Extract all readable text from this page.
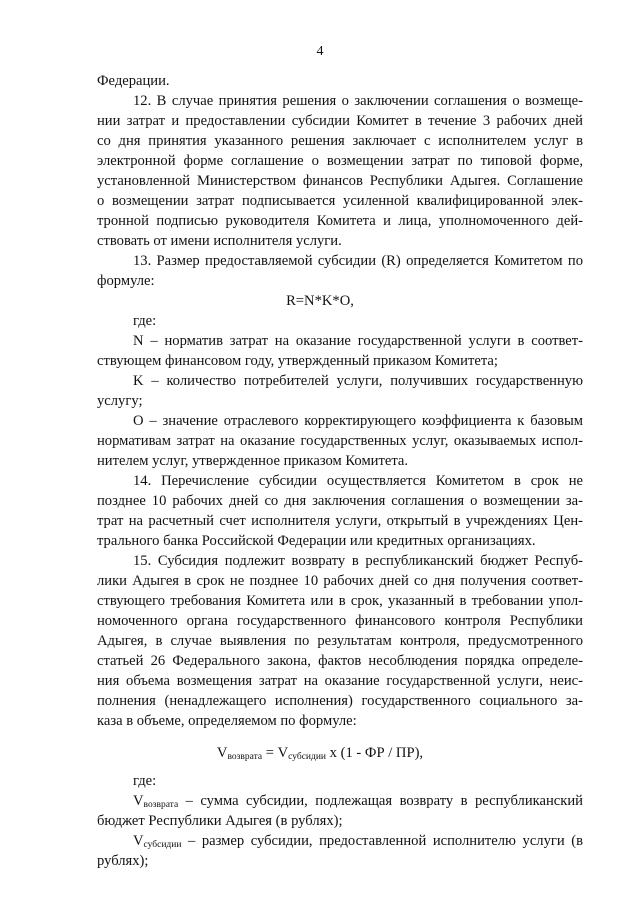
4
Федерации.
12. В случае принятия решения о заключении соглашения о возмеще-
нии затрат и предоставлении субсидии Комитет в течение 3 рабочих дней
со дня принятия указанного решения заключает с исполнителем услуг в
электронной форме соглашение о возмещении затрат по типовой форме,
установленной Министерством финансов Республики Адыгея. Соглашение
о возмещении затрат подписывается усиленной квалифицированной элек-
тронной подписью руководителя Комитета и лица, уполномоченного дей-
ствовать от имени исполнителя услуги.
13. Размер предоставляемой субсидии (R) определяется Комитетом по
формуле:
R=N*K*O,
где:
N – норматив затрат на оказание государственной услуги в соответ-
ствующем финансовом году, утвержденный приказом Комитета;
K – количество потребителей услуги, получивших государственную
услугу;
О – значение отраслевого корректирующего коэффициента к базовым
нормативам затрат на оказание государственных услуг, оказываемых испол-
нителем услуг, утвержденное приказом Комитета.
14. Перечисление субсидии осуществляется Комитетом в срок не
позднее 10 рабочих дней со дня заключения соглашения о возмещении за-
трат на расчетный счет исполнителя услуги, открытый в учреждениях Цен-
трального банка Российской Федерации или кредитных организациях.
15. Субсидия подлежит возврату в республиканский бюджет Респуб-
лики Адыгея в срок не позднее 10 рабочих дней со дня получения соответ-
ствующего требования Комитета или в срок, указанный в требовании упол-
номоченного органа государственного финансового контроля Республики
Адыгея, в случае выявления по результатам контроля, предусмотренного
статьей 26 Федерального закона, фактов несоблюдения порядка определе-
ния объема возмещения затрат на оказание государственной услуги, неис-
полнения (ненадлежащего исполнения) государственного социального за-
каза в объеме, определяемом по формуле:
$V_{возврата} = V_{субсидии}$ x (1 - ФР / ПР),
где:
$V_{возврата}$ – сумма субсидии, подлежащая возврату в республиканский
бюджет Республики Адыгея (в рублях);
$V_{субсидии}$ – размер субсидии, предоставленной исполнителю услуги (в
рублях);
